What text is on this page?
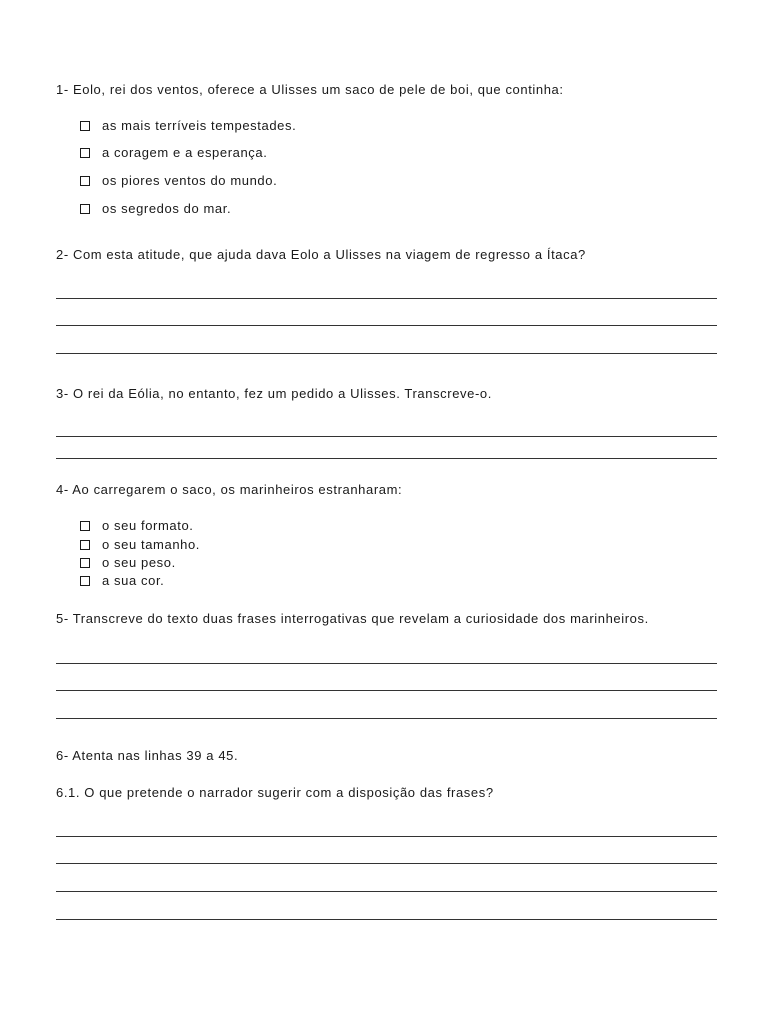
1- Eolo, rei dos ventos, oferece a Ulisses um saco de pele de boi, que continha:
as mais terríveis tempestades.
a coragem e a esperança.
os piores ventos do mundo.
os segredos do mar.
2- Com esta atitude, que ajuda dava Eolo a Ulisses na viagem de regresso a Ítaca?
3- O rei da Eólia, no entanto, fez um pedido a Ulisses. Transcreve-o.
4- Ao carregarem o saco, os marinheiros estranharam:
o seu formato.
o seu tamanho.
o seu peso.
a sua cor.
5- Transcreve do texto duas frases interrogativas que revelam a curiosidade dos marinheiros.
6- Atenta nas linhas 39 a 45.
6.1. O que pretende o narrador sugerir com a disposição das frases?
